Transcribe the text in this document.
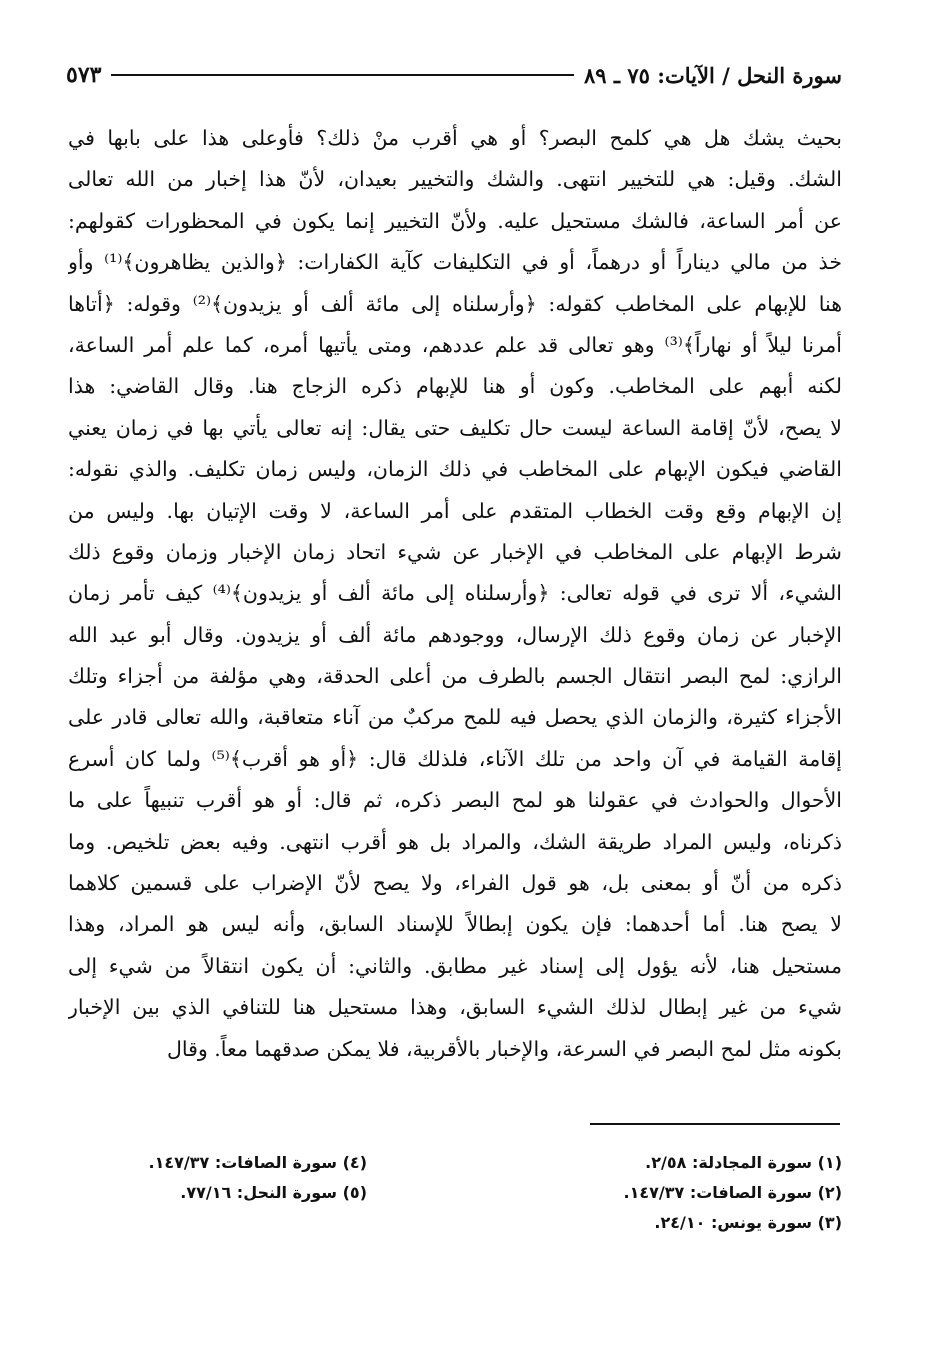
سورة النحل / الآيات: ٧٥ ـ ٨٩
٥٧٣
بحيث يشك هل هي كلمح البصر؟ أو هي أقرب منْ ذلك؟ فأوعلى هذا على بابها في
الشك. وقيل: هي للتخيير انتهى. والشك والتخيير بعيدان، لأنّ هذا إخبار من الله تعالى
عن أمر الساعة، فالشك مستحيل عليه. ولأنّ التخيير إنما يكون في المحظورات كقولهم:
خذ من مالي ديناراً أو درهماً، أو في التكليفات كآية الكفارات: ﴿والذين يظاهرون﴾⁽¹⁾ وأو
هنا للإبهام على المخاطب كقوله: ﴿وأرسلناه إلى مائة ألف أو يزيدون﴾⁽²⁾ وقوله: ﴿أتاها
أمرنا ليلاً أو نهاراً﴾⁽³⁾ وهو تعالى قد علم عددهم، ومتى يأتيها أمره، كما علم أمر الساعة،
لكنه أبهم على المخاطب. وكون أو هنا للإبهام ذكره الزجاج هنا. وقال القاضي: هذا
لا يصح، لأنّ إقامة الساعة ليست حال تكليف حتى يقال: إنه تعالى يأتي بها في زمان يعني
القاضي فيكون الإبهام على المخاطب في ذلك الزمان، وليس زمان تكليف. والذي نقوله:
إن الإبهام وقع وقت الخطاب المتقدم على أمر الساعة، لا وقت الإتيان بها. وليس من
شرط الإبهام على المخاطب في الإخبار عن شيء اتحاد زمان الإخبار وزمان وقوع ذلك
الشيء، ألا ترى في قوله تعالى: ﴿وأرسلناه إلى مائة ألف أو يزيدون﴾⁽⁴⁾ كيف تأمر زمان
الإخبار عن زمان وقوع ذلك الإرسال، ووجودهم مائة ألف أو يزيدون. وقال أبو عبد الله
الرازي: لمح البصر انتقال الجسم بالطرف من أعلى الحدقة، وهي مؤلفة من أجزاء وتلك
الأجزاء كثيرة، والزمان الذي يحصل فيه للمح مركبٌ من آناء متعاقبة، والله تعالى قادر على
إقامة القيامة في آن واحد من تلك الآناء، فلذلك قال: ﴿أو هو أقرب﴾⁽⁵⁾ ولما كان أسرع
الأحوال والحوادث في عقولنا هو لمح البصر ذكره، ثم قال: أو هو أقرب تنبيهاً على ما
ذكرناه، وليس المراد طريقة الشك، والمراد بل هو أقرب انتهى. وفيه بعض تلخيص. وما
ذكره من أنّ أو بمعنى بل، هو قول الفراء، ولا يصح لأنّ الإضراب على قسمين كلاهما
لا يصح هنا. أما أحدهما: فإن يكون إبطالاً للإسناد السابق، وأنه ليس هو المراد، وهذا
مستحيل هنا، لأنه يؤول إلى إسناد غير مطابق. والثاني: أن يكون انتقالاً من شيء إلى
شيء من غير إبطال لذلك الشيء السابق، وهذا مستحيل هنا للتنافي الذي بين الإخبار
بكونه مثل لمح البصر في السرعة، والإخبار بالأقربية، فلا يمكن صدقهما معاً. وقال
(١) سورة المجادلة: ٢/٥٨.
(٢) سورة الصافات: ١٤٧/٣٧.
(٣) سورة يونس: ٢٤/١٠.
(٤) سورة الصافات: ١٤٧/٣٧.
(٥) سورة النحل: ٧٧/١٦.
